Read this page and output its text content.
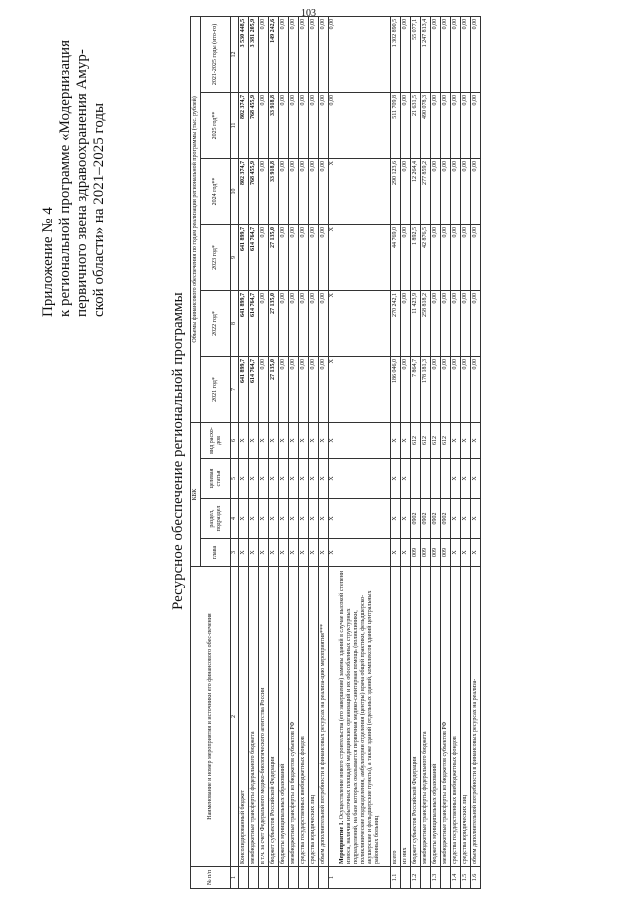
103
Приложение № 4 к региональной программе «Модернизация первичного звена здравоохранения Амур- ской области» на 2021–2025 годы
Ресурсное обеспечение региональной программы
№ п/п	Наименование и номер мероприятия и источники его финансового обес-печения	КБК				Объемы финансового обеспечения по годам реализации региональной программы (тыс. рублей)					
		глава	раздел, подраздел	целевая статья	вид расхо-дов	2021 год*	2022 год*	2023 год*	2024 год**	2025 год**	2021-2025 годы (ито-го)
1	2	3	4	5	6	7	8	9	10	11	12
	Консолидированный бюджет	X	X	X	X	641 899,7	641 899,7	641 899,7	802 374,7	802 374,7	3 530 448,5
	межбюджетные трансферты федерального бюджета	X	X	X	X	614 764,7	614 764,7	614 764,7	768 455,9	768 455,9	3 381 205,9
	в т.ч. за счет Федерального медико-биологического агентства России	X	X	X	X	0,00	0,00	0,00	0,00	0,00	0,00
	бюджет субъектов Российской Федерации	X	X	X	X	27 135,0	27 135,0	27 135,0	33 918,8	33 918,8	149 242,6
	бюджеты муниципальных образований	X	X	X	X	0,00	0,00	0,00	0,00	0,00	0,00
	межбюджетные трансферты из бюджетов субъектов РФ	X	X	X	X	0,00	0,00	0,00	0,00	0,00	0,00
	средства государственных внебюджетных фондов	X	X	X	X	0,00	0,00	0,00	0,00	0,00	0,00
	средства юридических лиц	X	X	X	X	0,00	0,00	0,00	0,00	0,00	0,00
	объем дополнительной потребности в финансовых ресурсах на реализа-цию мероприятия***	X	X	X	X	0,00	0,00	0,00	0,00	0,00	0,00
1	Мероприятие 1. Осуществление нового строительства (его завершение) замены зданий в случае высокой степени износа, наличия избыточных площадей медицинских организаций и их обособленных структурных подразделений, на базе которых оказывается первичная медико-санитарная помощь (поликлиники, поликлинические подразделения, амбулатории отделения (центры) врача общей практики, фельдшерско-акушерские и фельдшерские пункты), а также зданий (отдельных зданий, комплексов зданий центральных районных больниц	X	X	X	X	X	X	X	X	0,00	0,00
1.1	всего	X	X	X	X	186 046,0	270 242,1	44 769,0	290 123,6	511 709,8	1 302 890,5
	из них	X	X	X	X	0,00	0,00	0,00	0,00	0,00	0,00
1.2	бюджет субъектов Российской Федерации	009	0902		612	7 864,7	11 423,9	1 892,5	12 264,4	21 631,5	55 077,1
	межбюджетные трансферты федерального бюджета	009	0902		612	178 181,3	258 818,2	42 876,5	277 859,2	490 078,3	1 247 813,4
1.3	бюджеты муниципальных образований	009	0902		612	0,00	0,00	0,00	0,00	0,00	0,00
	межбюджетные трансферты из бюджетов субъектов РФ	009	0902		612	0,00	0,00	0,00	0,00	0,00	0,00
1.4	средства государственных внебюджетных фондов	X	X	X	X	0,00	0,00	0,00	0,00	0,00	0,00
1.5	средства юридических лиц	X	X	X	X	0,00	0,00	0,00	0,00	0,00	0,00
1.6	объем дополнительной потребности в финансовых ресурсах на реализа-	X	X	X	X	0,00	0,00	0,00	0,00	0,00	0,00
